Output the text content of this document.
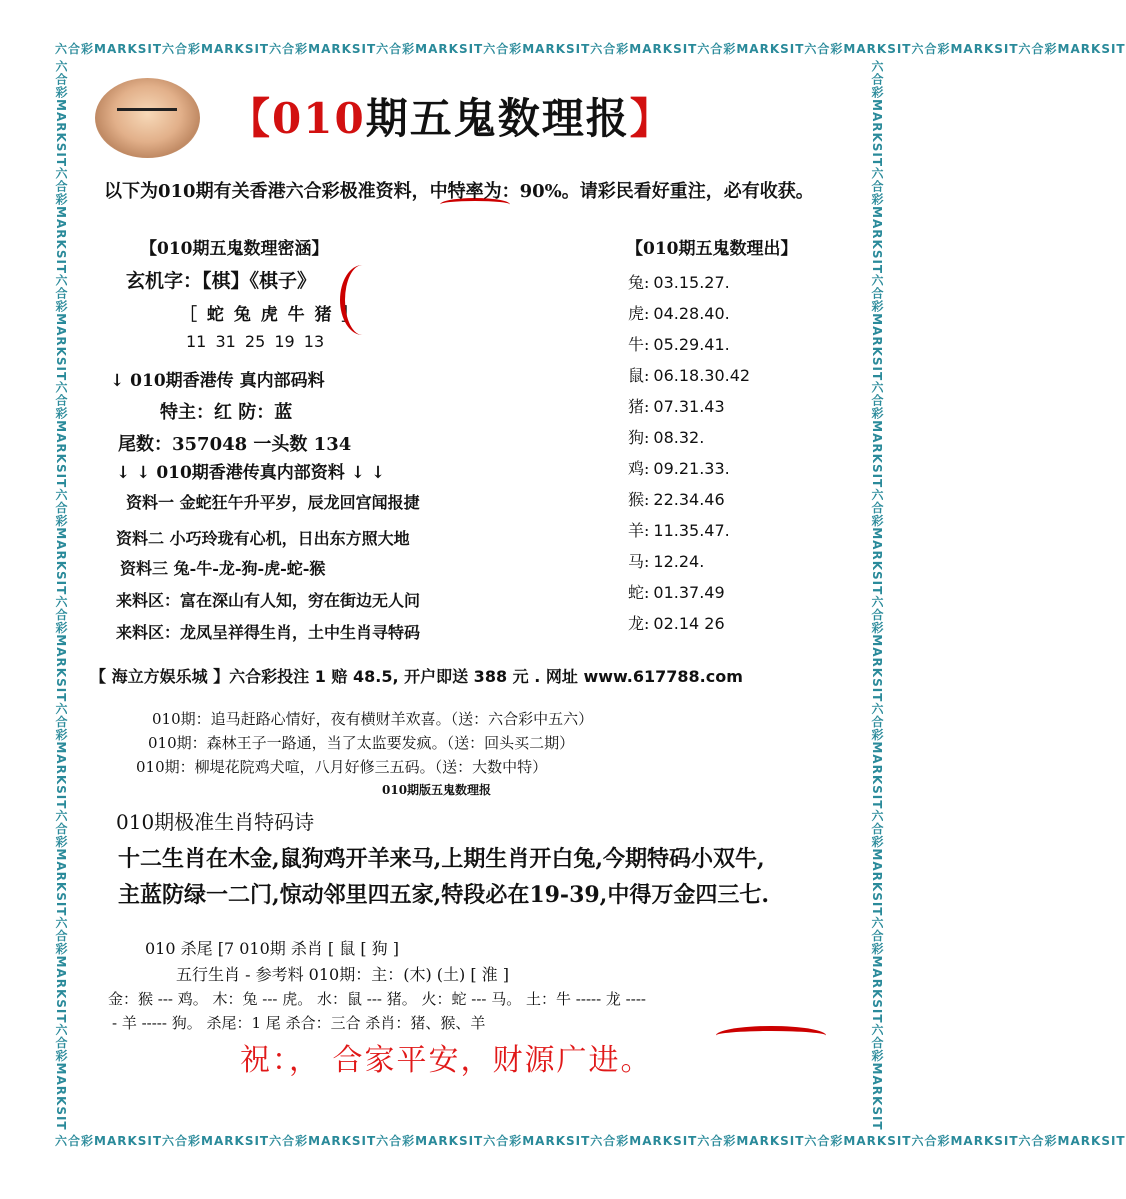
六合彩MARKSIT六合彩MARKSIT六合彩MARKSIT六合彩MARKSIT六合彩MARKSIT六合彩MARKSIT六合彩MARKSIT六合彩MARKSIT六合彩MARKSIT六合彩MARKSIT
六合彩MARKSIT六合彩MARKSIT六合彩MARKSIT六合彩MARKSIT六合彩MARKSIT六合彩MARKSIT六合彩MARKSIT六合彩MARKSIT六合彩MARKSIT六合彩MARKSIT
六合彩MARKSIT六合彩MARKSIT六合彩MARKSIT六合彩MARKSIT六合彩MARKSIT六合彩MARKSIT六合彩MARKSIT六合彩MARKSIT六合彩MARKSIT六合彩MARKSIT	六合彩MARKSIT六合彩MARKSIT六合彩MARKSIT六合彩MARKSIT六合彩MARKSIT六合彩MARKSIT六合彩MARKSIT六合彩MARKSIT六合彩MARKSIT六合彩MARKSIT
【010期五鬼数理报】
以下为010期有关香港六合彩极准资料，中特率为：90%。请彩民看好重注，必有收获。
【010期五鬼数理密涵】
玄机字：【棋】《棋子》
［ 蛇 兔 虎 牛 猪 ］
11 31 25 19 13
↓ 010期香港传 真内部码料
特主：红 防：蓝
尾数：357048 一头数 134
↓ ↓ 010期香港传真内部资料 ↓ ↓
资料一 金蛇狂午升平岁，辰龙回宫闻报捷
资料二 小巧玲珑有心机，日出东方照大地
资料三 兔-牛-龙-狗-虎-蛇-猴
来料区：富在深山有人知，穷在街边无人问
来料区：龙凤呈祥得生肖，土中生肖寻特码
【010期五鬼数理出】
兔: 03.15.27.
虎: 04.28.40.
牛: 05.29.41.
鼠: 06.18.30.42
猪: 07.31.43
狗: 08.32.
鸡: 09.21.33.
猴: 22.34.46
羊: 11.35.47.
马: 12.24.
蛇: 01.37.49
龙: 02.14 26
【 海立方娱乐城 】六合彩投注 1 赔 48.5, 开户即送 388 元 . 网址 www.617788.com
010期：追马赶路心情好，夜有横财羊欢喜。（送：六合彩中五六）
010期：森林王子一路通，当了太监要发疯。（送：回头买二期）
010期：柳堤花院鸡犬喧，八月好修三五码。（送：大数中特）
010期版五鬼数理报
010期极准生肖特码诗
十二生肖在木金,鼠狗鸡开羊来马,上期生肖开白兔,今期特码小双牛,
主蓝防绿一二门,惊动邻里四五家,特段必在19-39,中得万金四三七.
010 杀尾 [7 010期 杀肖 [ 鼠 [ 狗 ]
五行生肖 - 参考料 010期：主：(木) (土) [ 淮 ]
金：猴 --- 鸡。 木：兔 --- 虎。 水：鼠 --- 猪。 火：蛇 --- 马。 土：牛 ----- 龙 ----
- 羊 ----- 狗。 杀尾：1 尾 杀合：三合 杀肖：猪、猴、羊
祝：， 合家平安，财源广进。
